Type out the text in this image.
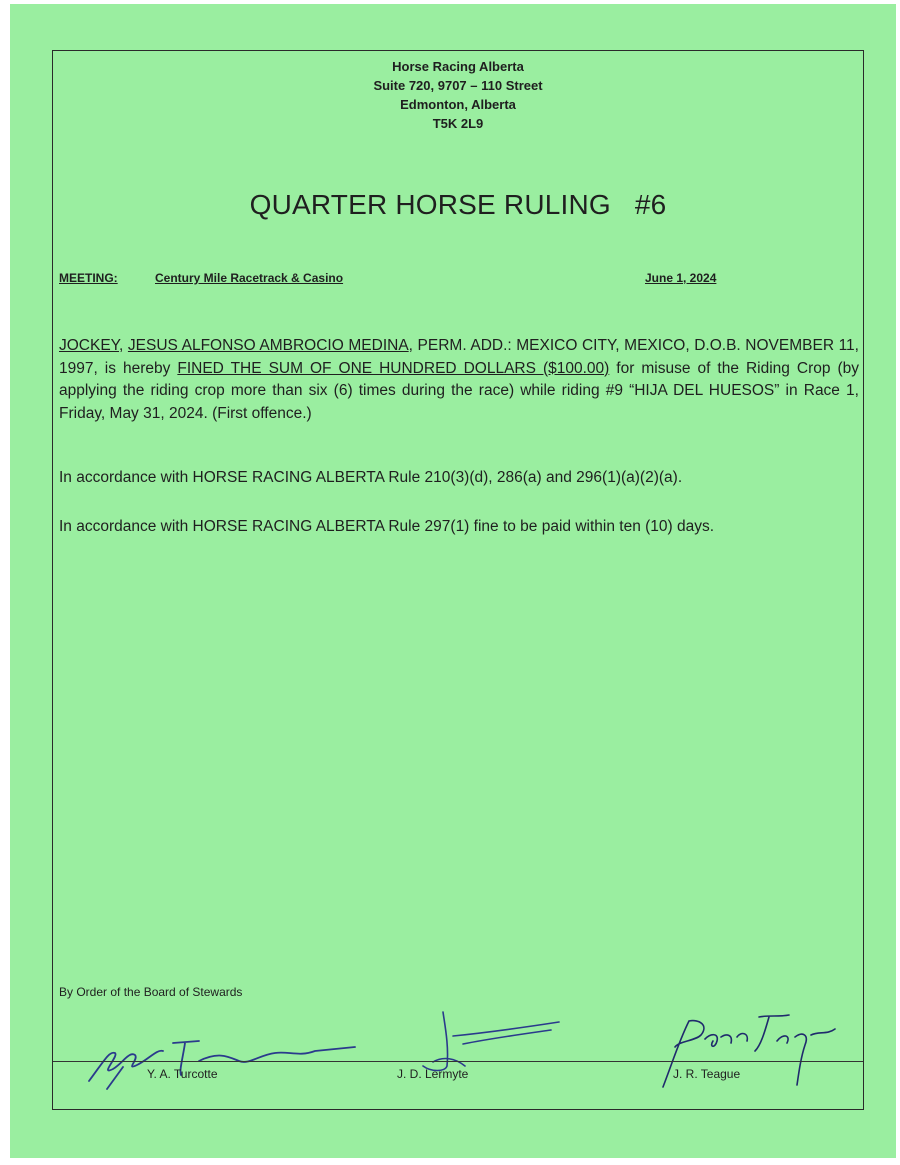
Horse Racing Alberta
Suite 720, 9707 – 110 Street
Edmonton, Alberta
T5K 2L9
QUARTER HORSE RULING   #6
MEETING:	Century Mile Racetrack & Casino	June 1, 2024
JOCKEY, JESUS ALFONSO AMBROCIO MEDINA, PERM. ADD.: MEXICO CITY, MEXICO, D.O.B. NOVEMBER 11, 1997, is hereby FINED THE SUM OF ONE HUNDRED DOLLARS ($100.00) for misuse of the Riding Crop (by applying the riding crop more than six (6) times during the race) while riding #9 “HIJA DEL HUESOS” in Race 1, Friday, May 31, 2024. (First offence.)
In accordance with HORSE RACING ALBERTA Rule 210(3)(d), 286(a) and 296(1)(a)(2)(a).
In accordance with HORSE RACING ALBERTA Rule 297(1) fine to be paid within ten (10) days.
By Order of the Board of Stewards
Y. A. Turcotte	J. D. Lermyte	J. R. Teague
